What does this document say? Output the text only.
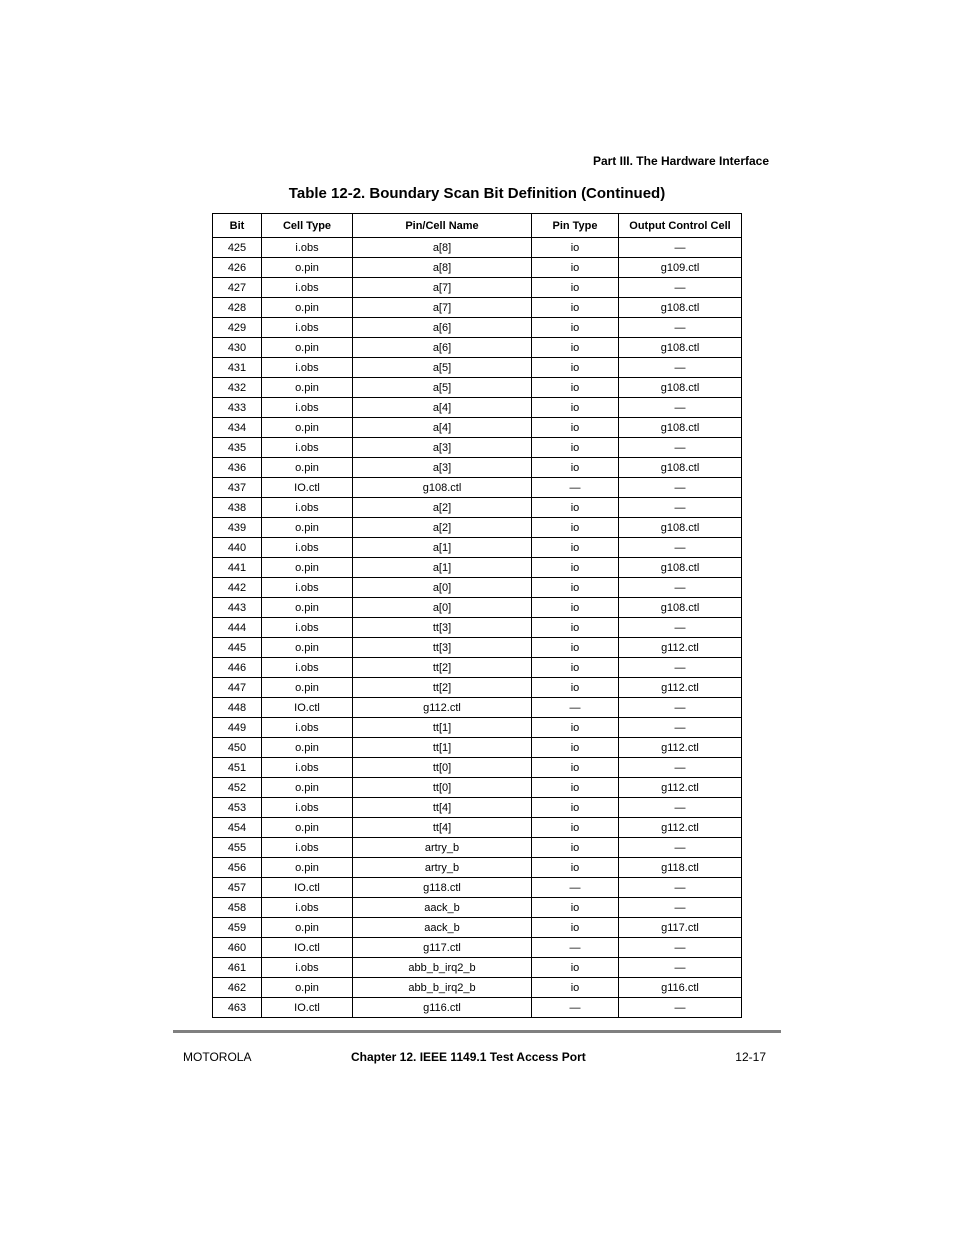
Part III. The Hardware Interface
Table 12-2. Boundary Scan Bit Definition (Continued)
Bit	Cell Type	Pin/Cell Name	Pin Type	Output Control Cell
425	i.obs	a[8]	io	—
426	o.pin	a[8]	io	g109.ctl
427	i.obs	a[7]	io	—
428	o.pin	a[7]	io	g108.ctl
429	i.obs	a[6]	io	—
430	o.pin	a[6]	io	g108.ctl
431	i.obs	a[5]	io	—
432	o.pin	a[5]	io	g108.ctl
433	i.obs	a[4]	io	—
434	o.pin	a[4]	io	g108.ctl
435	i.obs	a[3]	io	—
436	o.pin	a[3]	io	g108.ctl
437	IO.ctl	g108.ctl	—	—
438	i.obs	a[2]	io	—
439	o.pin	a[2]	io	g108.ctl
440	i.obs	a[1]	io	—
441	o.pin	a[1]	io	g108.ctl
442	i.obs	a[0]	io	—
443	o.pin	a[0]	io	g108.ctl
444	i.obs	tt[3]	io	—
445	o.pin	tt[3]	io	g112.ctl
446	i.obs	tt[2]	io	—
447	o.pin	tt[2]	io	g112.ctl
448	IO.ctl	g112.ctl	—	—
449	i.obs	tt[1]	io	—
450	o.pin	tt[1]	io	g112.ctl
451	i.obs	tt[0]	io	—
452	o.pin	tt[0]	io	g112.ctl
453	i.obs	tt[4]	io	—
454	o.pin	tt[4]	io	g112.ctl
455	i.obs	artry_b	io	—
456	o.pin	artry_b	io	g118.ctl
457	IO.ctl	g118.ctl	—	—
458	i.obs	aack_b	io	—
459	o.pin	aack_b	io	g117.ctl
460	IO.ctl	g117.ctl	—	—
461	i.obs	abb_b_irq2_b	io	—
462	o.pin	abb_b_irq2_b	io	g116.ctl
463	IO.ctl	g116.ctl	—	—
MOTOROLA	Chapter 12. IEEE 1149.1 Test Access Port	12-17
